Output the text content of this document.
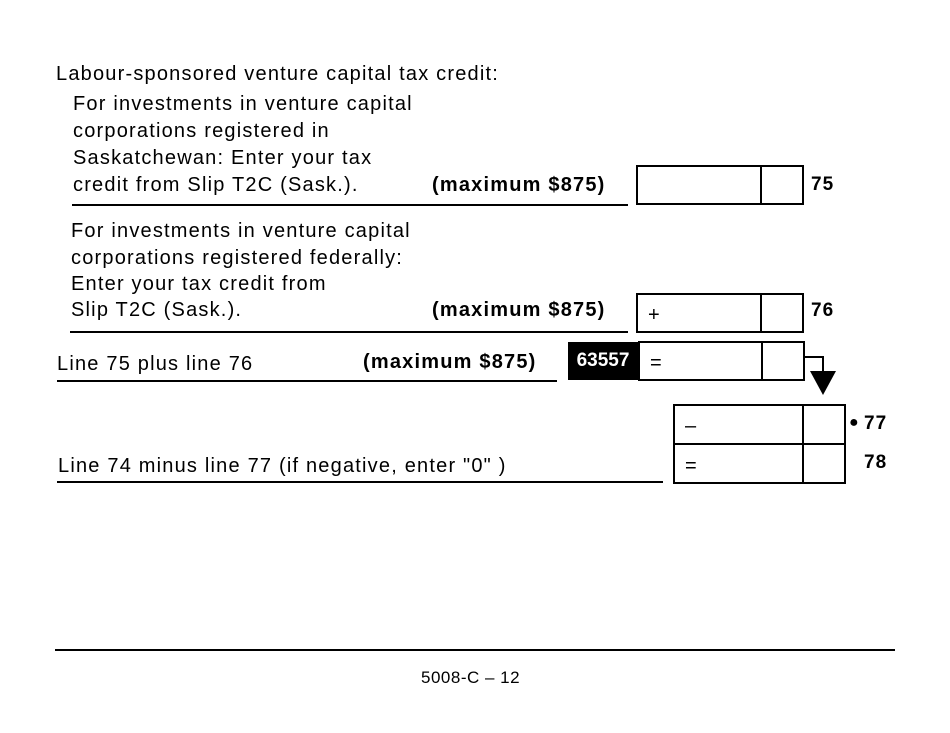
Labour-sponsored venture capital tax credit:
For investments in venture capital
corporations registered in
Saskatchewan: Enter your tax
credit from Slip T2C (Sask.).	(maximum $875)	75
For investments in venture capital
corporations registered federally:
Enter your tax credit from
Slip T2C (Sask.).	(maximum $875) +	76
Line 75 plus line 76	(maximum $875)	63557	=
–	● 77
Line 74 minus line 77 (if negative, enter "0" )	=	78
5008-C – 12
